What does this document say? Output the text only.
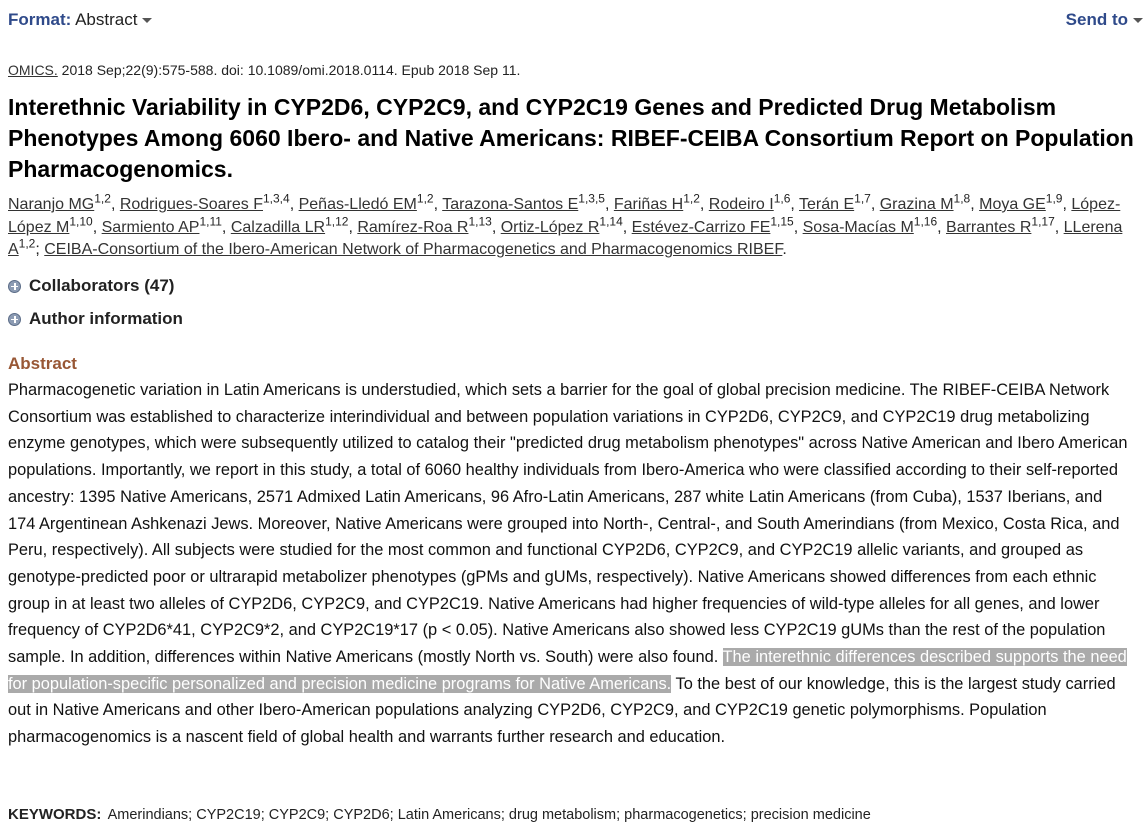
Format: Abstract	Send to
OMICS. 2018 Sep;22(9):575-588. doi: 10.1089/omi.2018.0114. Epub 2018 Sep 11.
Interethnic Variability in CYP2D6, CYP2C9, and CYP2C19 Genes and Predicted Drug Metabolism Phenotypes Among 6060 Ibero- and Native Americans: RIBEF-CEIBA Consortium Report on Population Pharmacogenomics.
Naranjo MG$^{1,2}$, Rodrigues-Soares F$^{1,3,4}$, Peñas-Lledó EM$^{1,2}$, Tarazona-Santos E$^{1,3,5}$, Fariñas H$^{1,2}$, Rodeiro I$^{1,6}$, Terán E$^{1,7}$, Grazina M$^{1,8}$, Moya GE$^{1,9}$, López-López M$^{1,10}$, Sarmiento AP$^{1,11}$, Calzadilla LR$^{1,12}$, Ramírez-Roa R$^{1,13}$, Ortiz-López R$^{1,14}$, Estévez-Carrizo FE$^{1,15}$, Sosa-Macías M$^{1,16}$, Barrantes R$^{1,17}$, LLerena A$^{1,2}$; CEIBA-Consortium of the Ibero-American Network of Pharmacogenetics and Pharmacogenomics RIBEF.
Collaborators (47)
Author information
Abstract

Pharmacogenetic variation in Latin Americans is understudied, which sets a barrier for the goal of global precision medicine. The RIBEF-CEIBA Network Consortium was established to characterize interindividual and between population variations in CYP2D6, CYP2C9, and CYP2C19 drug metabolizing enzyme genotypes, which were subsequently utilized to catalog their "predicted drug metabolism phenotypes" across Native American and Ibero American populations. Importantly, we report in this study, a total of 6060 healthy individuals from Ibero-America who were classified according to their self-reported ancestry: 1395 Native Americans, 2571 Admixed Latin Americans, 96 Afro-Latin Americans, 287 white Latin Americans (from Cuba), 1537 Iberians, and 174 Argentinean Ashkenazi Jews. Moreover, Native Americans were grouped into North-, Central-, and South Amerindians (from Mexico, Costa Rica, and Peru, respectively). All subjects were studied for the most common and functional CYP2D6, CYP2C9, and CYP2C19 allelic variants, and grouped as genotype-predicted poor or ultrarapid metabolizer phenotypes (gPMs and gUMs, respectively). Native Americans showed differences from each ethnic group in at least two alleles of CYP2D6, CYP2C9, and CYP2C19. Native Americans had higher frequencies of wild-type alleles for all genes, and lower frequency of CYP2D6*41, CYP2C9*2, and CYP2C19*17 (p < 0.05). Native Americans also showed less CYP2C19 gUMs than the rest of the population sample. In addition, differences within Native Americans (mostly North vs. South) were also found. The interethnic differences described supports the need for population-specific personalized and precision medicine programs for Native Americans. To the best of our knowledge, this is the largest study carried out in Native Americans and other Ibero-American populations analyzing CYP2D6, CYP2C9, and CYP2C19 genetic polymorphisms. Population pharmacogenomics is a nascent field of global health and warrants further research and education.

KEYWORDS: Amerindians; CYP2C19; CYP2C9; CYP2D6; Latin Americans; drug metabolism; pharmacogenetics; precision medicine
